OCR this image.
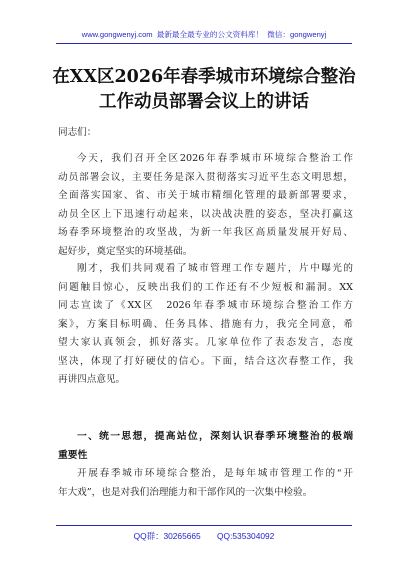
www.gongwenyj.com 最新最全最专业的公文资料库！ 微信：gongwenyj
在XX区2026年春季城市环境综合整治
工作动员部署会议上的讲话
同志们：
今天，我们召开全区2026年春季城市环境综合整治工作
动员部署会议，主要任务是深入贯彻落实习近平生态文明思想，
全面落实国家、省、市关于城市精细化管理的最新部署要求，
动员全区上下迅速行动起来，以决战决胜的姿态，坚决打赢这
场春季环境整治的攻坚战，为新一年我区高质量发展开好局、
起好步，奠定坚实的环境基础。
刚才，我们共同观看了城市管理工作专题片，片中曝光的
问题触目惊心，反映出我们的工作还有不少短板和漏洞。XX
同志宣读了《XX区　2026年春季城市环境综合整治工作方
案》，方案目标明确、任务具体、措施有力，我完全同意，希
望大家认真领会，抓好落实。几家单位作了表态发言，态度
坚决，体现了打好硬仗的信心。下面，结合这次春整工作，我
再讲四点意见。
一、统一思想，提高站位，深刻认识春季环境整治的极端
重要性
开展春季城市环境综合整治，是每年城市管理工作的“开
年大戏”，也是对我们治理能力和干部作风的一次集中检验。
QQ群：30265665 QQ:535304092
